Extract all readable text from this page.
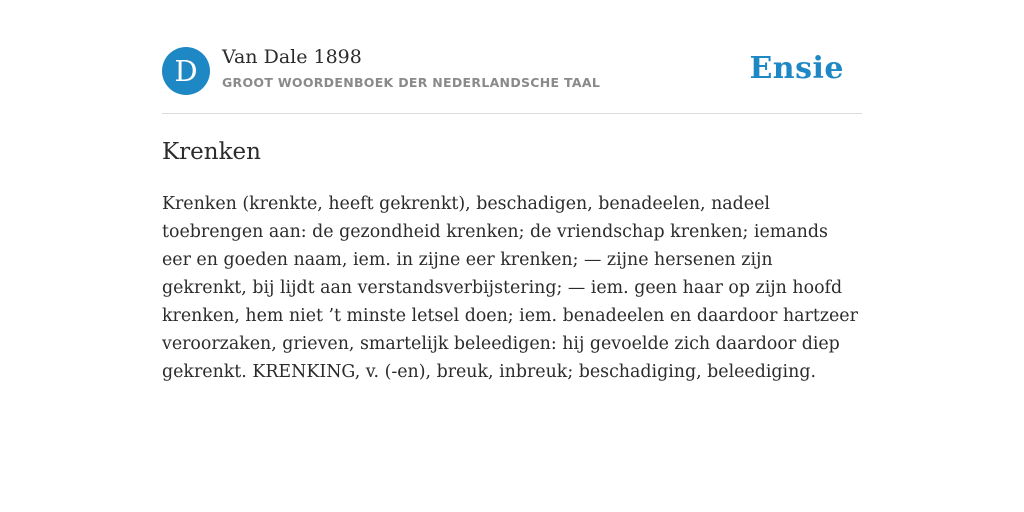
D	Van Dale 1898
GROOT WOORDENBOEK DER NEDERLANDSCHE TAAL	Ensie
Krenken

Krenken (krenkte, heeft gekrenkt), beschadigen, benadeelen, nadeel toebrengen aan: de gezondheid krenken; de vriendschap krenken; iemands eer en goeden naam, iem. in zijne eer krenken; — zijne hersenen zijn gekrenkt, bij lijdt aan verstandsverbijstering; — iem. geen haar op zijn hoofd krenken, hem niet ’t minste letsel doen; iem. benadeelen en daardoor hartzeer veroorzaken, grieven, smartelijk beleedigen: hij gevoelde zich daardoor diep gekrenkt. KRENKING, v. (-en), breuk, inbreuk; beschadiging, beleediging.
